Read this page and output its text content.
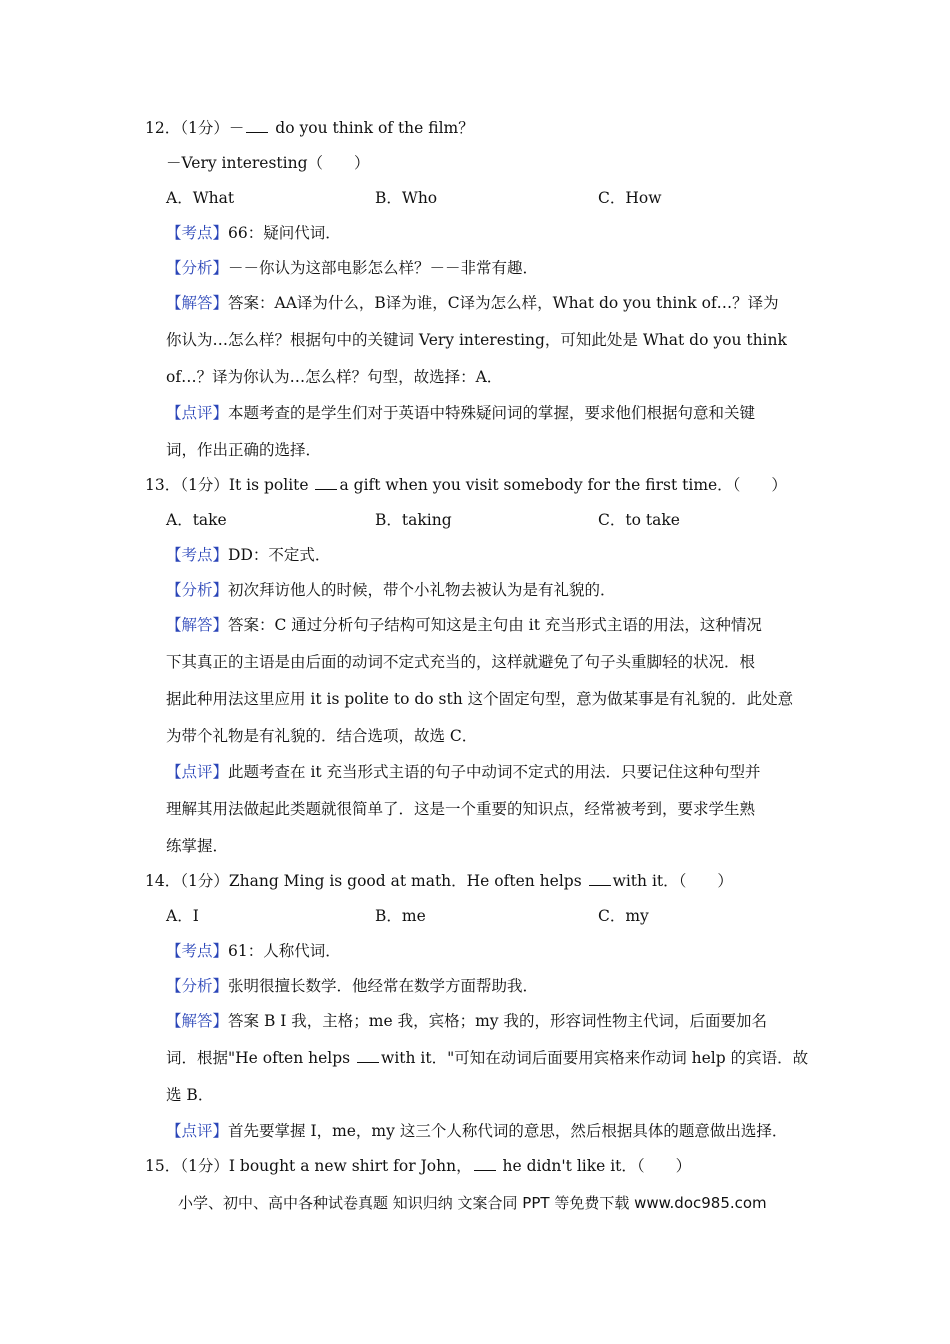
12．（1分）－ do you think of the film？
－Very interesting（　　）
A．What	B．Who	C．How
【考点】66：疑问代词．
【分析】－－你认为这部电影怎么样？－－非常有趣．
【解答】答案：AA译为什么，B译为谁，C译为怎么样，What do you think of…？译为
你认为…怎么样？根据句中的关键词 Very interesting，可知此处是 What do you think
of…？译为你认为…怎么样？句型，故选择：A．
【点评】本题考查的是学生们对于英语中特殊疑问词的掌握，要求他们根据句意和关键
词，作出正确的选择．
13．（1分）It is polite a gift when you visit somebody for the first time．（　　）
A．take	B．taking	C．to take
【考点】DD：不定式．
【分析】初次拜访他人的时候，带个小礼物去被认为是有礼貌的．
【解答】答案：C 通过分析句子结构可知这是主句由 it 充当形式主语的用法，这种情况
下其真正的主语是由后面的动词不定式充当的，这样就避免了句子头重脚轻的状况．根
据此种用法这里应用 it is polite to do sth 这个固定句型，意为做某事是有礼貌的．此处意
为带个礼物是有礼貌的．结合选项，故选 C．
【点评】此题考查在 it 充当形式主语的句子中动词不定式的用法．只要记住这种句型并
理解其用法做起此类题就很简单了．这是一个重要的知识点，经常被考到，要求学生熟
练掌握．
14．（1分）Zhang Ming is good at math．He often helps with it．（　　）
A．I	B．me	C．my
【考点】61：人称代词．
【分析】张明很擅长数学．他经常在数学方面帮助我．
【解答】答案 B I 我，主格；me 我，宾格；my 我的，形容词性物主代词，后面要加名
词．根据"He often helps with it．"可知在动词后面要用宾格来作动词 help 的宾语．故
选 B．
【点评】首先要掌握 I，me，my 这三个人称代词的意思，然后根据具体的题意做出选择．
15．（1分）I bought a new shirt for John， he didn't like it．（　　）
小学、初中、高中各种试卷真题 知识归纳 文案合同 PPT 等免费下载 www.doc985.com
